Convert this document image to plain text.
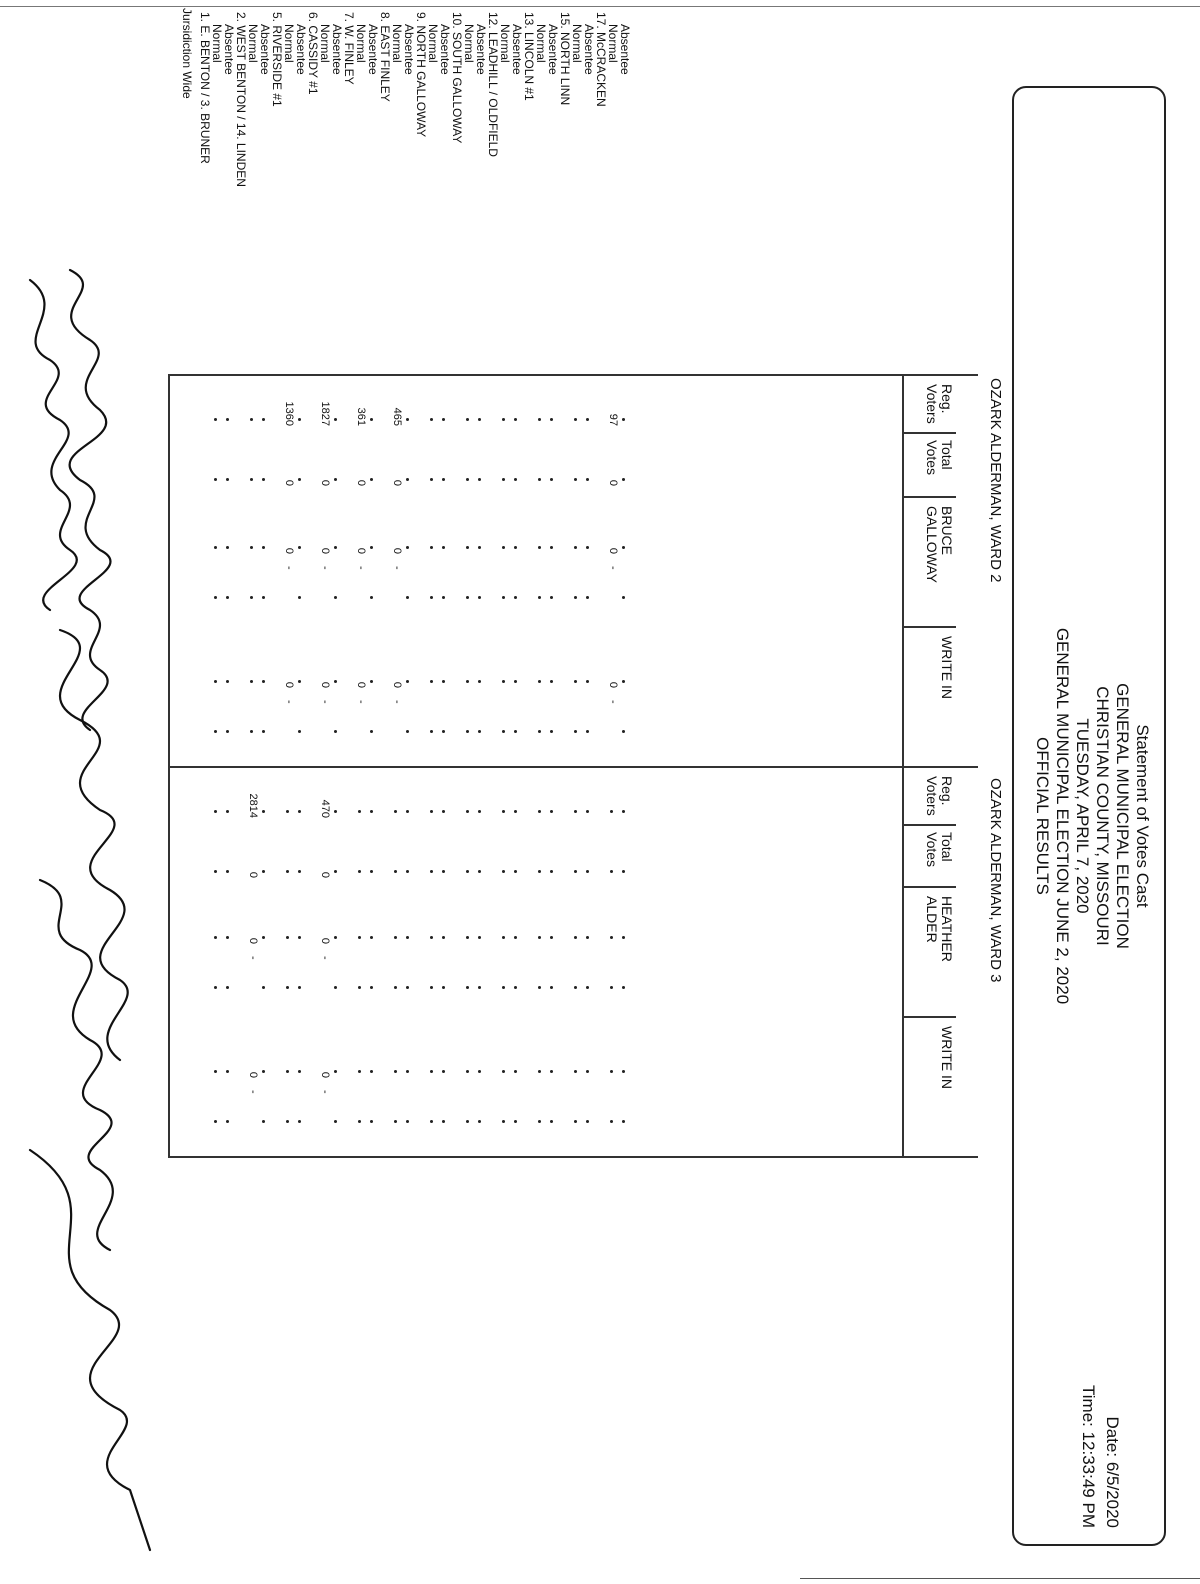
Statement of Votes Cast
GENERAL MUNICIPAL ELECTION
CHRISTIAN COUNTY, MISSOURI
TUESDAY, APRIL 7, 2020
GENERAL MUNICIPAL ELECTION JUNE 2, 2020
OFFICIAL RESULTS
Date: 6/5/2020
Time: 12:33:49 PM
Jursidiction Wide 1. E. BENTON / 3. BRUNER
Normal
Absentee
2. WEST BENTON / 14. LINDEN
Normal
Absentee
5. RIVERSIDE #1
Normal
Absentee
6. CASSIDY #1
Normal
Absentee
7. W. FINLEY
Normal
Absentee
8. EAST FINLEY
Normal
Absentee
9. NORTH GALLOWAY
Normal
Absentee
10. SOUTH GALLOWAY
Normal
Absentee
12. LEADHILL / OLDFIELD
Normal
Absentee
13. LINCOLN #1
Normal
Absentee
15. NORTH LINN
Normal
Absentee
17. McCRACKEN
Normal
Absentee
OZARK ALDERMAN, WARD 2
OZARK ALDERMAN, WARD 3
Reg. Voters
Total Votes
BRUCE GALLOWAY
WRITE IN
Reg. Voters
Total Votes
HEATHER ALDER
WRITE IN
1360
0
0
-
0
-
1827
0
0
-
0
-
361
0
0
-
0
-
465
0
0
-
0
-
97
0
0
-
0
-
2814
0
0
-
0
-
470
0
0
-
0
-
